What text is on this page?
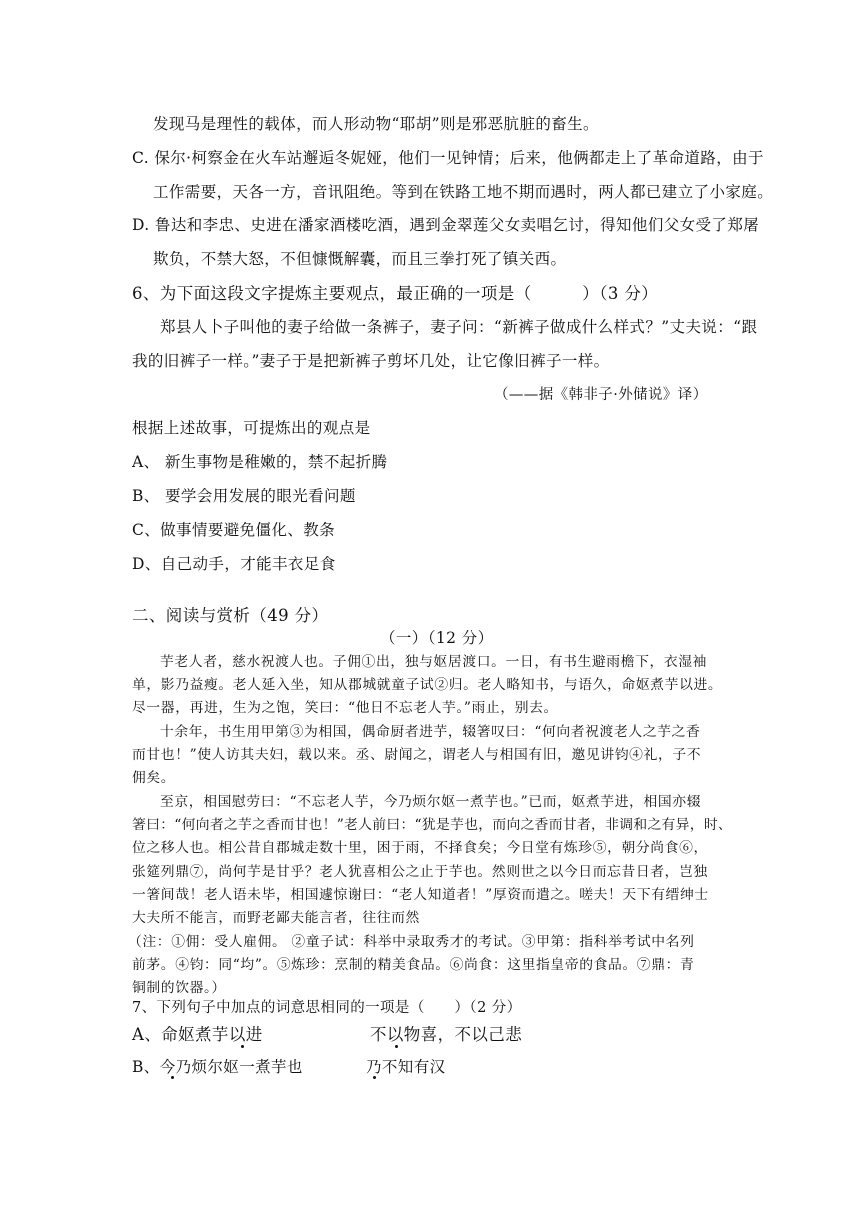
发现马是理性的载体，而人形动物“耶胡”则是邪恶肮脏的畜生。
C. 保尔·柯察金在火车站邂逅冬妮娅，他们一见钟情；后来，他俩都走上了革命道路，由于
工作需要，天各一方，音讯阻绝。等到在铁路工地不期而遇时，两人都已建立了小家庭。
D. 鲁达和李忠、史进在潘家酒楼吃酒，遇到金翠莲父女卖唱乞讨，得知他们父女受了郑屠
欺负，不禁大怒，不但慷慨解囊，而且三拳打死了镇关西。
6、为下面这段文字提炼主要观点，最正确的一项是（　　　）（3 分）
郑县人卜子叫他的妻子给做一条裤子，妻子问：“新裤子做成什么样式？”丈夫说：“跟
我的旧裤子一样。”妻子于是把新裤子剪坏几处，让它像旧裤子一样。
（——据《韩非子·外储说》译）
根据上述故事，可提炼出的观点是
A、 新生事物是稚嫩的，禁不起折腾
B、 要学会用发展的眼光看问题
C、做事情要避免僵化、教条
D、自己动手，才能丰衣足食
二、阅读与赏析（49 分）
（一）（12 分）
芋老人者，慈水祝渡人也。子佣①出，独与妪居渡口。一日，有书生避雨檐下，衣湿袖
单，影乃益瘦。老人延入坐，知从郡城就童子试②归。老人略知书，与语久，命妪煮芋以进。
尽一器，再进，生为之饱，笑曰：“他日不忘老人芋。”雨止，别去。
十余年，书生用甲第③为相国，偶命厨者进芋，辍箸叹曰：“何向者祝渡老人之芋之香
而甘也！”使人访其夫妇，载以来。丞、尉闻之，谓老人与相国有旧，邀见讲钧④礼，子不
佣矣。
至京，相国慰劳曰：“不忘老人芋，今乃烦尔妪一煮芋也。”已而，妪煮芋进，相国亦辍
箸曰：“何向者之芋之香而甘也！”老人前曰：“犹是芋也，而向之香而甘者，非调和之有异，时、
位之移人也。相公昔自郡城走数十里，困于雨，不择食矣；今日堂有炼珍⑤，朝分尚食⑥，
张筵列鼎⑦，尚何芋是甘乎？老人犹喜相公之止于芋也。然则世之以今日而忘昔日者，岂独
一箸间哉！老人语未毕，相国遽惊谢曰：“老人知道者！”厚资而遣之。嗟夫！天下有缙绅士
大夫所不能言，而野老鄙夫能言者，往往而然
（注：①佣：受人雇佣。 ②童子试：科举中录取秀才的考试。③甲第：指科举考试中名列
前茅。④钧：同“均”。⑤炼珍：烹制的精美食品。⑥尚食：这里指皇帝的食品。⑦鼎：青
铜制的饮器。）
7、下列句子中加点的词意思相同的一项是（　　）（2 分）
A、命妪煮芋以进	不以物喜，不以己悲
B、今乃烦尔妪一煮芋也	乃不知有汉
